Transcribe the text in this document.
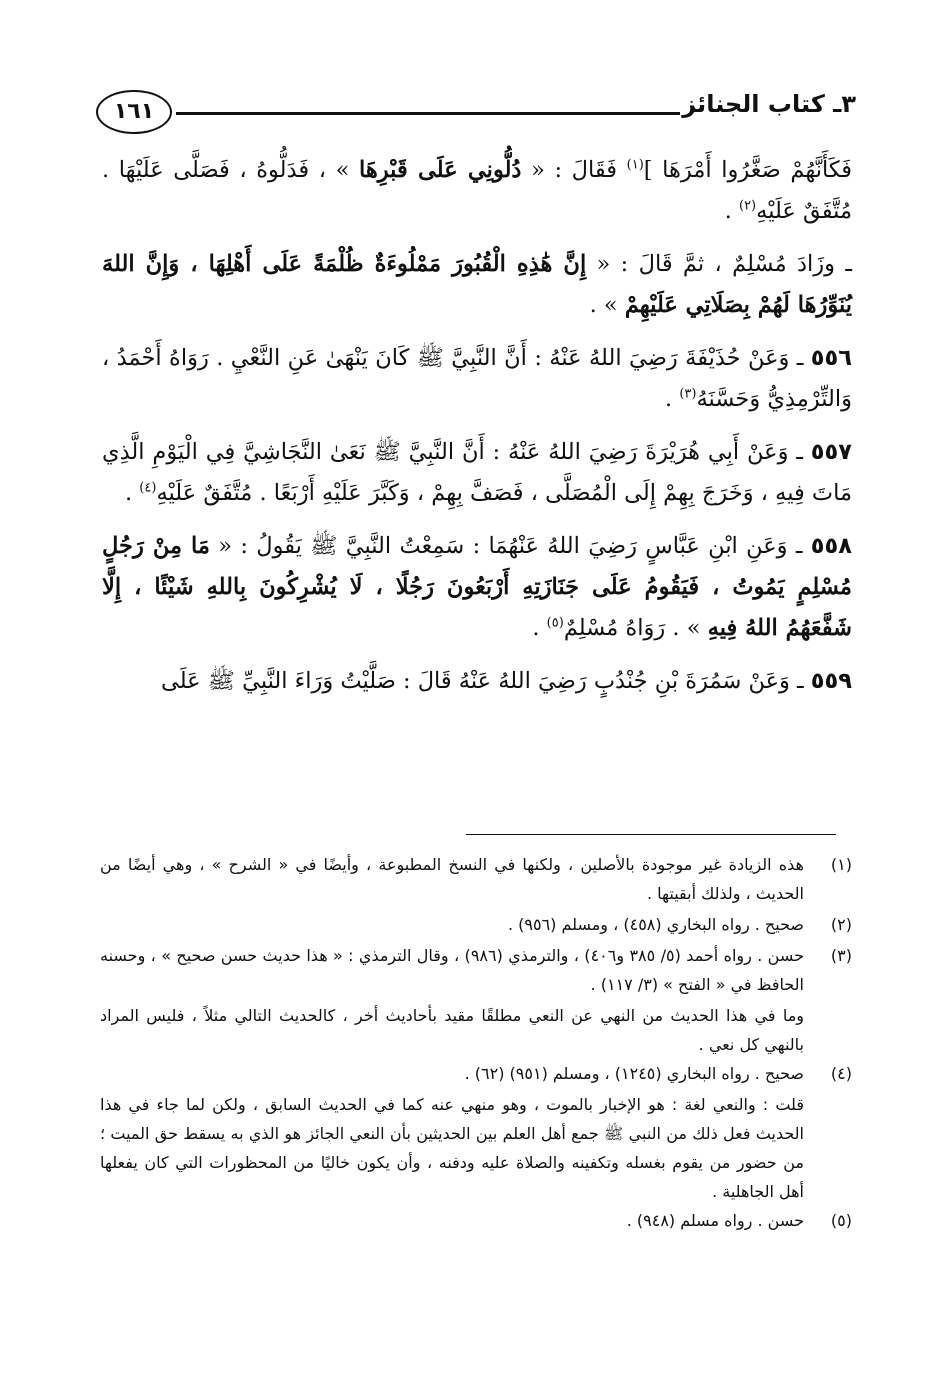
٣ـ كتاب الجنائز
١٦١

فَكَأَنَّهُمْ صَغَّرُوا أَمْرَهَا ]$^{(١)}$ فَقَالَ : « دُلُّونِي عَلَى قَبْرِهَا » ، فَدَلُّوهُ ، فَصَلَّى عَلَيْهَا . مُتَّفَقٌ عَلَيْهِ$^{(٢)}$ .

ـ وزَادَ مُسْلِمٌ ، ثمَّ قَالَ : « إِنَّ هَٰذِهِ الْقُبُورَ مَمْلُوءَةٌ ظُلْمَةً عَلَى أَهْلِهَا ، وَإِنَّ اللهَ يُنَوِّرُهَا لَهُمْ بِصَلَاتِي عَلَيْهِمْ » .

٥٥٦ ـ وَعَنْ حُذَيْفَةَ رَضِيَ اللهُ عَنْهُ : أَنَّ النَّبِيَّ ﷺ كَانَ يَنْهَىٰ عَنِ النَّعْيِ . رَوَاهُ أَحْمَدُ ، وَالتِّرْمِذِيُّ وَحَسَّنَهُ$^{(٣)}$ .

٥٥٧ ـ وَعَنْ أَبِي هُرَيْرَةَ رَضِيَ اللهُ عَنْهُ : أَنَّ النَّبِيَّ ﷺ نَعَىٰ النَّجَاشِيَّ فِي الْيَوْمِ الَّذِي مَاتَ فِيهِ ، وَخَرَجَ بِهِمْ إِلَى الْمُصَلَّى ، فَصَفَّ بِهِمْ ، وَكَبَّرَ عَلَيْهِ أَرْبَعًا . مُتَّفَقٌ عَلَيْهِ$^{(٤)}$ .

٥٥٨ ـ وَعَنِ ابْنِ عَبَّاسٍ رَضِيَ اللهُ عَنْهُمَا : سَمِعْتُ النَّبِيَّ ﷺ يَقُولُ : « مَا مِنْ رَجُلٍ مُسْلِمٍ يَمُوتُ ، فَيَقُومُ عَلَى جَنَازَتِهِ أَرْبَعُونَ رَجُلًا ، لَا يُشْرِكُونَ بِاللهِ شَيْئًا ، إِلَّا شَفَّعَهُمُ اللهُ فِيهِ » . رَوَاهُ مُسْلِمٌ$^{(٥)}$ .

٥٥٩ ـ وَعَنْ سَمُرَةَ بْنِ جُنْدُبٍ رَضِيَ اللهُ عَنْهُ قَالَ : صَلَّيْتُ وَرَاءَ النَّبِيِّ ﷺ عَلَى

(١)
هذه الزيادة غير موجودة بالأصلين ، ولكنها في النسخ المطبوعة ، وأيضًا في « الشرح » ، وهي أيضًا من الحديث ، ولذلك أبقيتها .
(٢)
صحيح . رواه البخاري (٤٥٨) ، ومسلم (٩٥٦) .
(٣)
حسن . رواه أحمد (٥/ ٣٨٥ و٤٠٦) ، والترمذي (٩٨٦) ، وقال الترمذي : « هذا حديث حسن صحيح » ، وحسنه الحافظ في « الفتح » (٣/ ١١٧) .
وما في هذا الحديث من النهي عن النعي مطلقًا مقيد بأحاديث أخر ، كالحديث التالي مثلاً ، فليس المراد بالنهي كل نعي .
(٤)
صحيح . رواه البخاري (١٢٤٥) ، ومسلم (٩٥١) (٦٢) .
قلت : والنعي لغة : هو الإخبار بالموت ، وهو منهي عنه كما في الحديث السابق ، ولكن لما جاء في هذا الحديث فعل ذلك من النبي ﷺ جمع أهل العلم بين الحديثين بأن النعي الجائز هو الذي به يسقط حق الميت ؛ من حضور من يقوم بغسله وتكفينه والصلاة عليه ودفنه ، وأن يكون خاليًا من المحظورات التي كان يفعلها أهل الجاهلية .
(٥)
حسن . رواه مسلم (٩٤٨) .
